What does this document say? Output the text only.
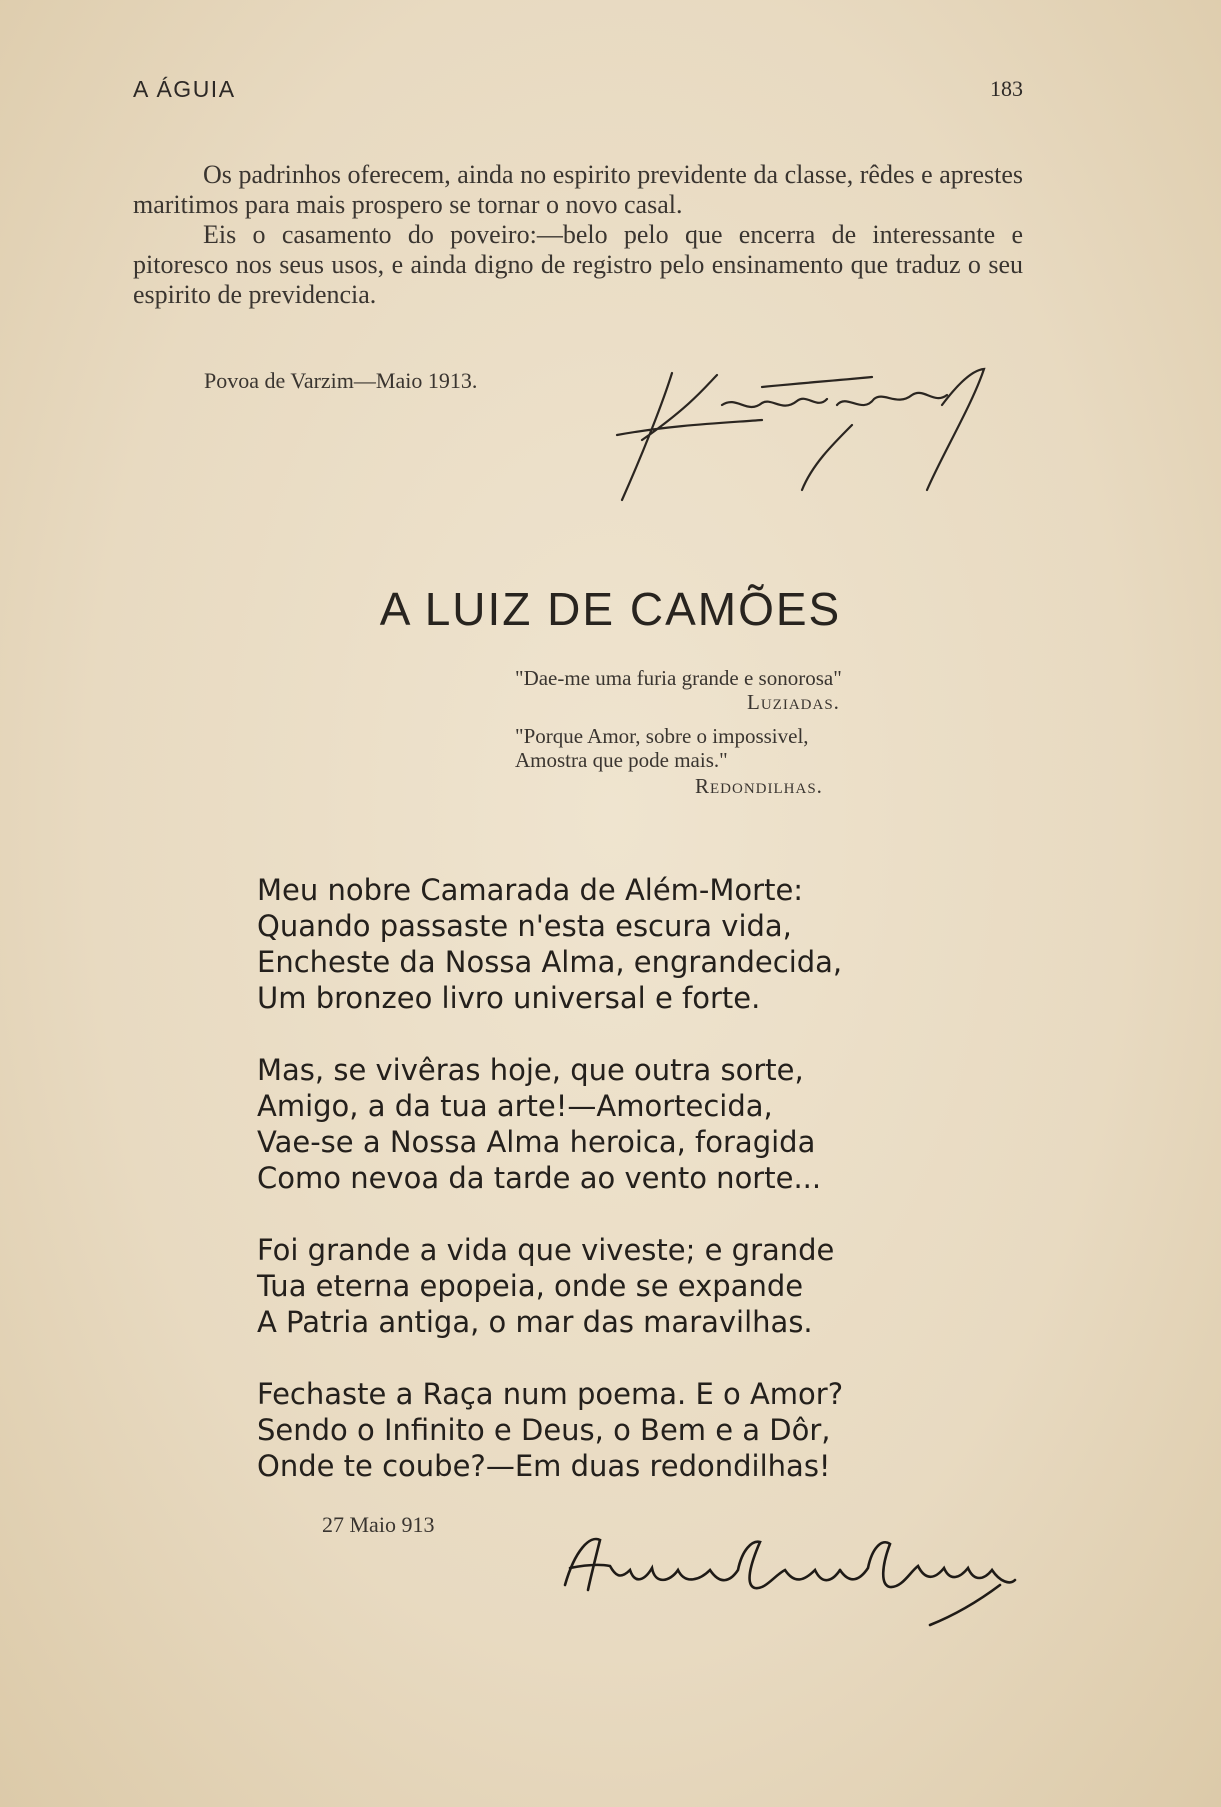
A ÁGUIA	183

Os padrinhos oferecem, ainda no espirito previdente da classe, rêdes e aprestes maritimos para mais prospero se tornar o novo casal.

Eis o casamento do poveiro:—belo pelo que encerra de interessante e pitoresco nos seus usos, e ainda digno de registro pelo ensinamento que traduz o seu espirito de previdencia.

Povoa de Varzim—Maio 1913.
A LUIZ DE CAMÕES

"Dae-me uma furia grande e sonorosa"

Luziadas.

"Porque Amor, sobre o impossivel,

Amostra que pode mais."

Redondilhas.

Meu nobre Camarada de Além-Morte:
Quando passaste n'esta escura vida,
Encheste da Nossa Alma, engrandecida,
Um bronzeo livro universal e forte.
Mas, se vivêras hoje, que outra sorte,
Amigo, a da tua arte!—Amortecida,
Vae-se a Nossa Alma heroica, foragida
Como nevoa da tarde ao vento norte...
Foi grande a vida que viveste; e grande
Tua eterna epopeia, onde se expande
A Patria antiga, o mar das maravilhas.
Fechaste a Raça num poema. E o Amor?
Sendo o Infinito e Deus, o Bem e a Dôr,
Onde te coube?—Em duas redondilhas!
27 Maio 913
